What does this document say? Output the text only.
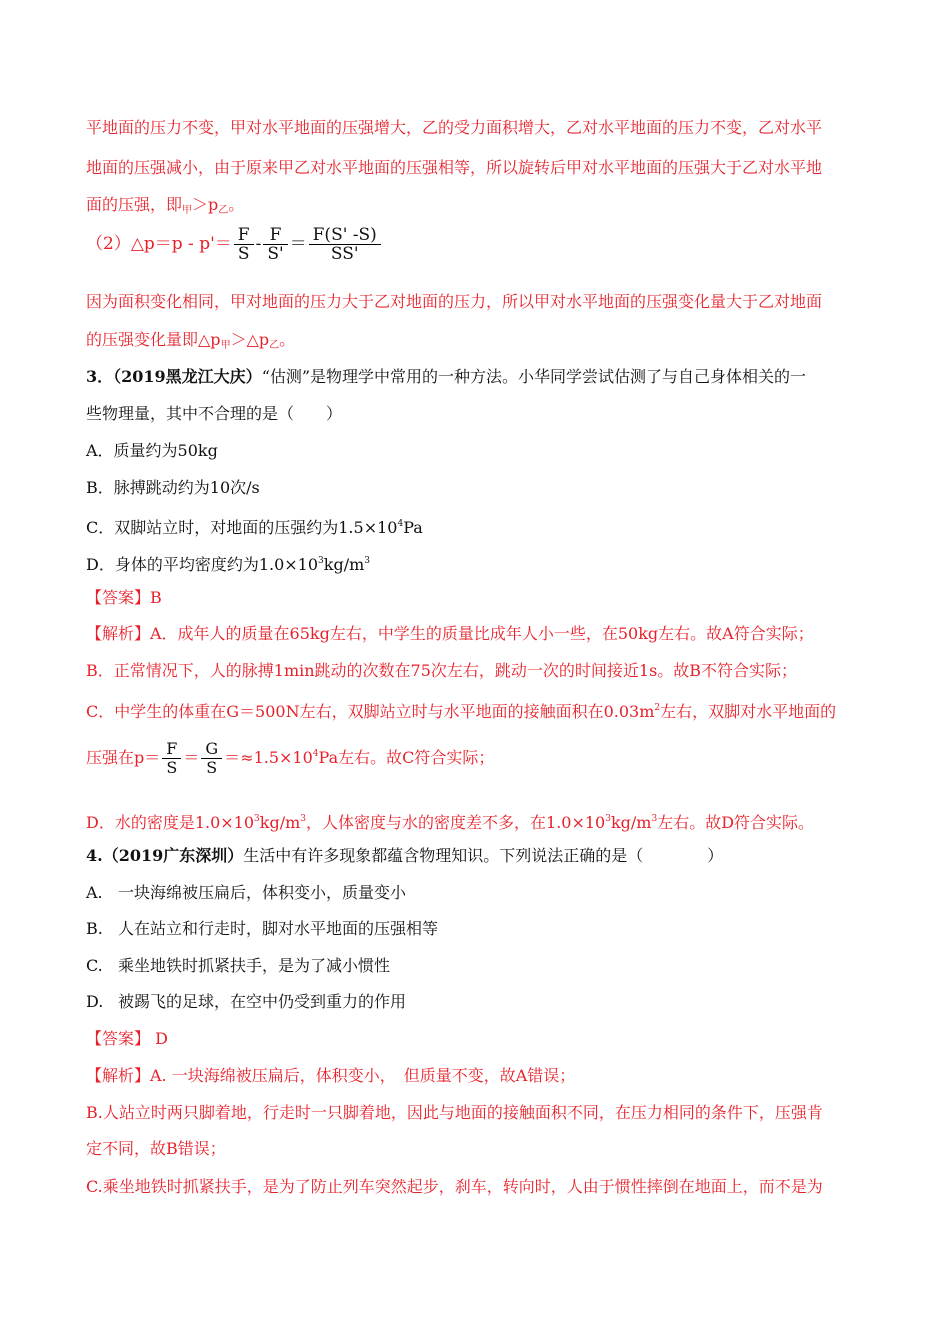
平地面的压力不变，甲对水平地面的压强增大，乙的受力面积增大，乙对水平地面的压力不变，乙对水平
地面的压强减小，由于原来甲乙对水平地面的压强相等，所以旋转后甲对水平地面的压强大于乙对水平地
面的压强，即$_甲>p_乙$。
（2）△p＝p - $p'= \frac{F}{S} - \frac{F}{S'} = \frac{F(S' -S)}{SS'}$
因为面积变化相同，甲对地面的压力大于乙对地面的压力，所以甲对水平地面的压强变化量大于乙对地面
的压强变化量即$\triangle p_甲>\triangle p_乙$。
3．（2019黑龙江大庆）“估测”是物理学中常用的一种方法。小华同学尝试估测了与自己身体相关的一
些物理量，其中不合理的是（　　）
A．质量约为50kg
B．脉搏跳动约为10次/s
C．双脚站立时，对地面的压强约为$1.5\times 10^4Pa$
D．身体的平均密度约为$1.0\times 10^3kg/m^3$
【答案】B
【解析】A．成年人的质量在65kg左右，中学生的质量比成年人小一些，在50kg左右。故A符合实际；
B．正常情况下，人的脉搏1min跳动的次数在75次左右，跳动一次的时间接近1s。故B不符合实际；
C．中学生的体重在G＝500N左右，双脚站立时与水平地面的接触面积在$0.03m^2$左右，双脚对水平地面的
压强在$p= \frac{F}{S} = \frac{G}{S} =\approx 1.5\times 10^4Pa$左右。故C符合实际；
D．水的密度是$1.0\times 10^3kg/m^3$，人体密度与水的密度差不多，在$1.0\times 10^3kg/m^3$左右。故D符合实际。
4.（2019广东深圳）生活中有许多现象都蕴含物理知识。下列说法正确的是（　　　　）
A. 一块海绵被压扁后，体积变小，质量变小
B. 人在站立和行走时，脚对水平地面的压强相等
C. 乘坐地铁时抓紧扶手，是为了减小惯性
D. 被踢飞的足球，在空中仍受到重力的作用
【答案】 D
【解析】A. 一块海绵被压扁后，体积变小，　但质量不变，故A错误；
B.人站立时两只脚着地，行走时一只脚着地，因此与地面的接触面积不同，在压力相同的条件下，压强肯
定不同，故B错误；
C.乘坐地铁时抓紧扶手，是为了防止列车突然起步，刹车，转向时，人由于惯性摔倒在地面上，而不是为
